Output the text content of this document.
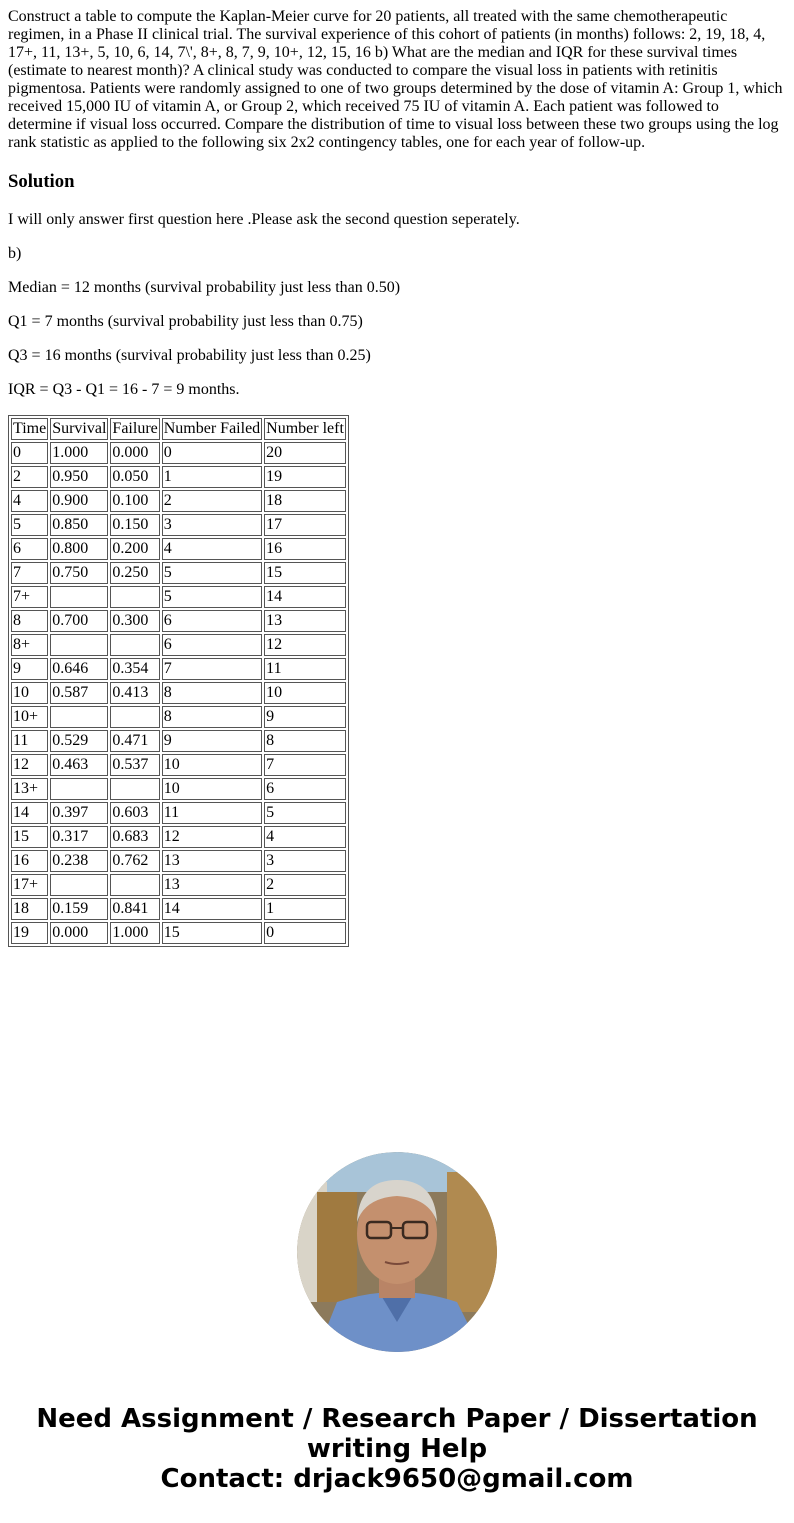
Construct a table to compute the Kaplan-Meier curve for 20 patients, all treated with the same chemotherapeutic regimen, in a Phase II clinical trial. The survival experience of this cohort of patients (in months) follows: 2, 19, 18, 4, 17+, 11, 13+, 5, 10, 6, 14, 7\', 8+, 8, 7, 9, 10+, 12, 15, 16 b) What are the median and IQR for these survival times (estimate to nearest month)? A clinical study was conducted to compare the visual loss in patients with retinitis pigmentosa. Patients were randomly assigned to one of two groups determined by the dose of vitamin A: Group 1, which received 15,000 IU of vitamin A, or Group 2, which received 75 IU of vitamin A. Each patient was followed to determine if visual loss occurred. Compare the distribution of time to visual loss between these two groups using the log rank statistic as applied to the following six 2x2 contingency tables, one for each year of follow-up.
Solution

I will only answer first question here .Please ask the second question seperately.

b)

Median = 12 months (survival probability just less than 0.50)

Q1 = 7 months (survival probability just less than 0.75)

Q3 = 16 months (survival probability just less than 0.25)

IQR = Q3 - Q1 = 16 - 7 = 9 months.

Time	Survival	Failure	Number Failed	Number left
0	1.000	0.000	0	20
2	0.950	0.050	1	19
4	0.900	0.100	2	18
5	0.850	0.150	3	17
6	0.800	0.200	4	16
7	0.750	0.250	5	15
7+			5	14
8	0.700	0.300	6	13
8+			6	12
9	0.646	0.354	7	11
10	0.587	0.413	8	10
10+			8	9
11	0.529	0.471	9	8
12	0.463	0.537	10	7
13+			10	6
14	0.397	0.603	11	5
15	0.317	0.683	12	4
16	0.238	0.762	13	3
17+			13	2
18	0.159	0.841	14	1
19	0.000	1.000	15	0
Need Assignment / Research Paper / Dissertation
writing Help
Contact: drjack9650@gmail.com
